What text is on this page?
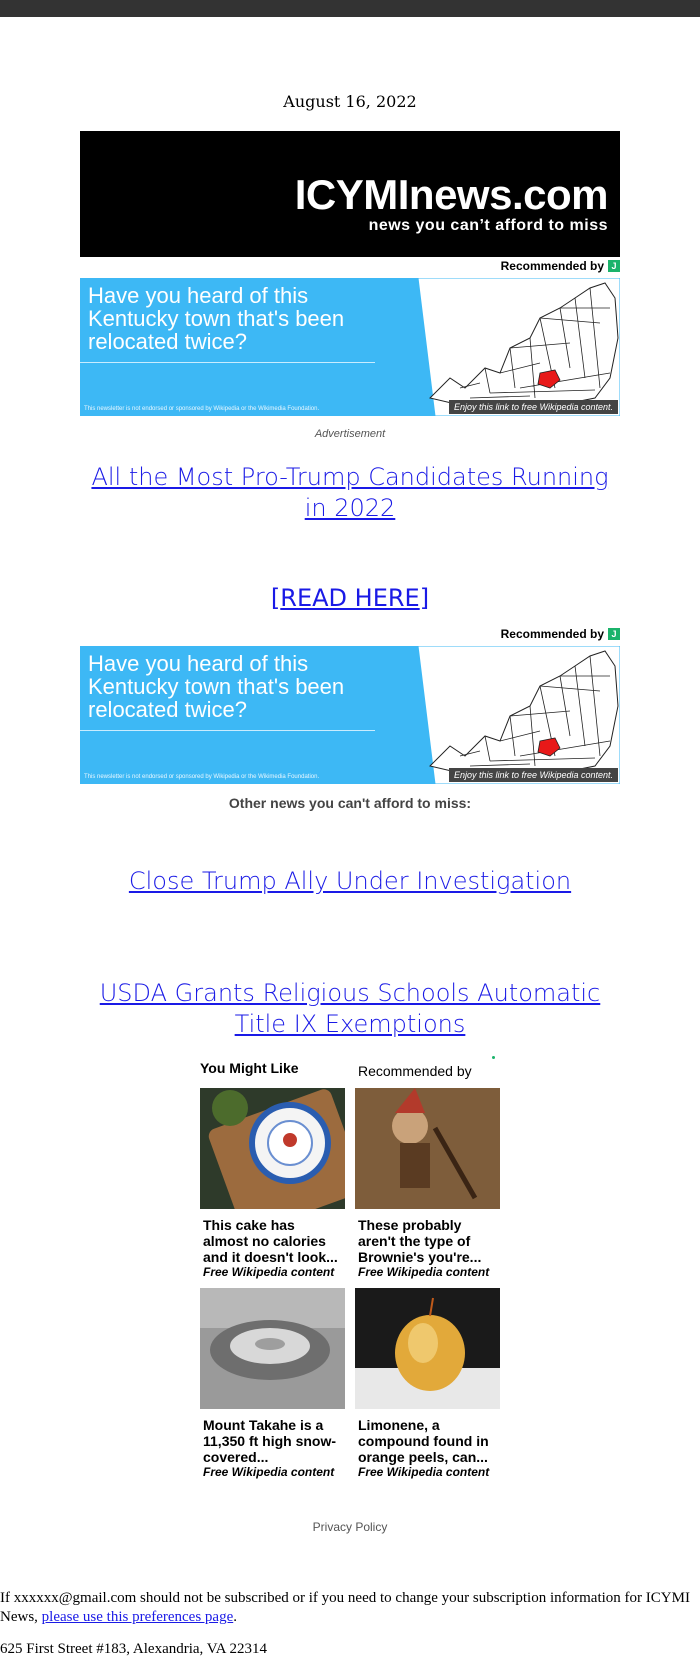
August 16, 2022
ICYMInews.com
news you can’t afford to miss
Recommended by J
Have you heard of this Kentucky town that's been relocated twice?
This newsletter is not endorsed or sponsored by Wikipedia or the Wikimedia Foundation.	Enjoy this link to free Wikipedia content.
Advertisement
All the Most Pro-Trump Candidates Running in 2022
[READ HERE]
Recommended by J
Have you heard of this Kentucky town that's been relocated twice?
This newsletter is not endorsed or sponsored by Wikipedia or the Wikimedia Foundation.	Enjoy this link to free Wikipedia content.
Other news you can't afford to miss:
Close Trump Ally Under Investigation
USDA Grants Religious Schools Automatic Title IX Exemptions
You Might Like	Recommended by
This cake has almost no calories and it doesn't look...
Free Wikipedia content
These probably aren't the type of Brownie's you're...
Free Wikipedia content
Mount Takahe is a 11,350 ft high snow-covered...
Free Wikipedia content
Limonene, a compound found in orange peels, can...
Free Wikipedia content
Privacy Policy
If xxxxxx@gmail.com should not be subscribed or if you need to change your subscription information for ICYMI News, please use this preferences page.
625 First Street #183, Alexandria, VA 22314
